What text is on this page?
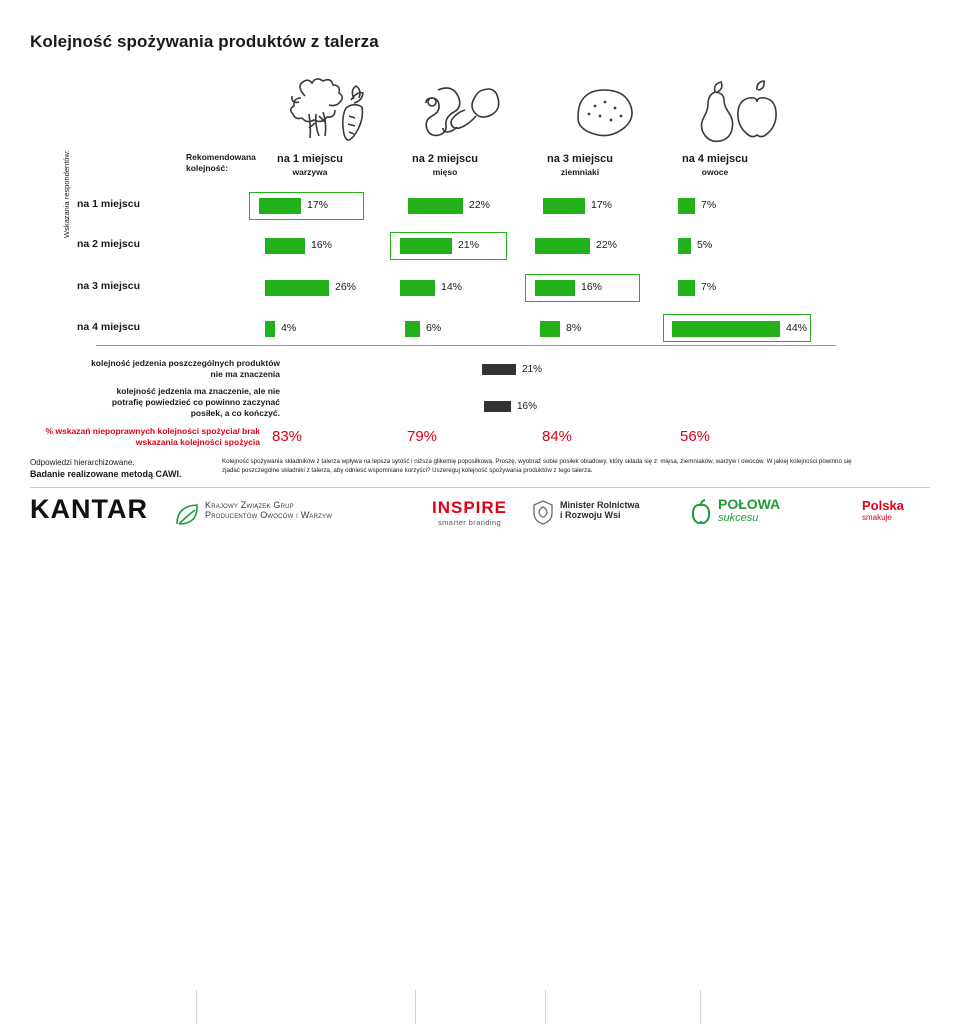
Kolejność spożywania produktów z talerza
na 1 miejscu
warzywa
na 2 miejscu
mięso
na 3 miejscu
ziemniaki
na 4 miejscu
owoce
Rekomendowana kolejność:
Wskazania respondentów: na 1 miejscu	17%	22%	17%	7%
na 2 miejscu	16%	21%	22%	5%
na 3 miejscu	26%	14%	16%	7%
na 4 miejscu	4%	6%	8%	44%
kolejność jedzenia poszczególnych produktów nie ma znaczenia	21%
kolejność jedzenia ma znaczenie, ale nie potrafię powiedzieć co powinno zaczynać posiłek, a co kończyć.
16%
% wskazań niepoprawnych kolejności spożycia/ brak wskazania kolejności spożycia 83%	79%	84%	56%
Odpowiedzi hierarchizowane.
Badanie realizowane metodą CAWI.
Kolejność spożywania składników z talerza wpływa na lepsza sytość i niższa glikemię poposiłkową. Proszę, wyobraź sobie posiłek obiadowy, który składa się z: mięsa, ziemniaków, warzyw i owoców. W jakiej kolejności powinno się zjadać poszczególne składniki z talerza, aby odnieść wspomniane korzyści? Uszereguj kolejność spożywania produktów z tego talerza.
KANTAR	Krajowy Związek Grup
Producentów Owoców i Warzyw	INSPIRE
smarter branding
Minister Rolnictwa
i Rozwoju Wsi
POŁOWA
sukcesu
Polska
smakuje
